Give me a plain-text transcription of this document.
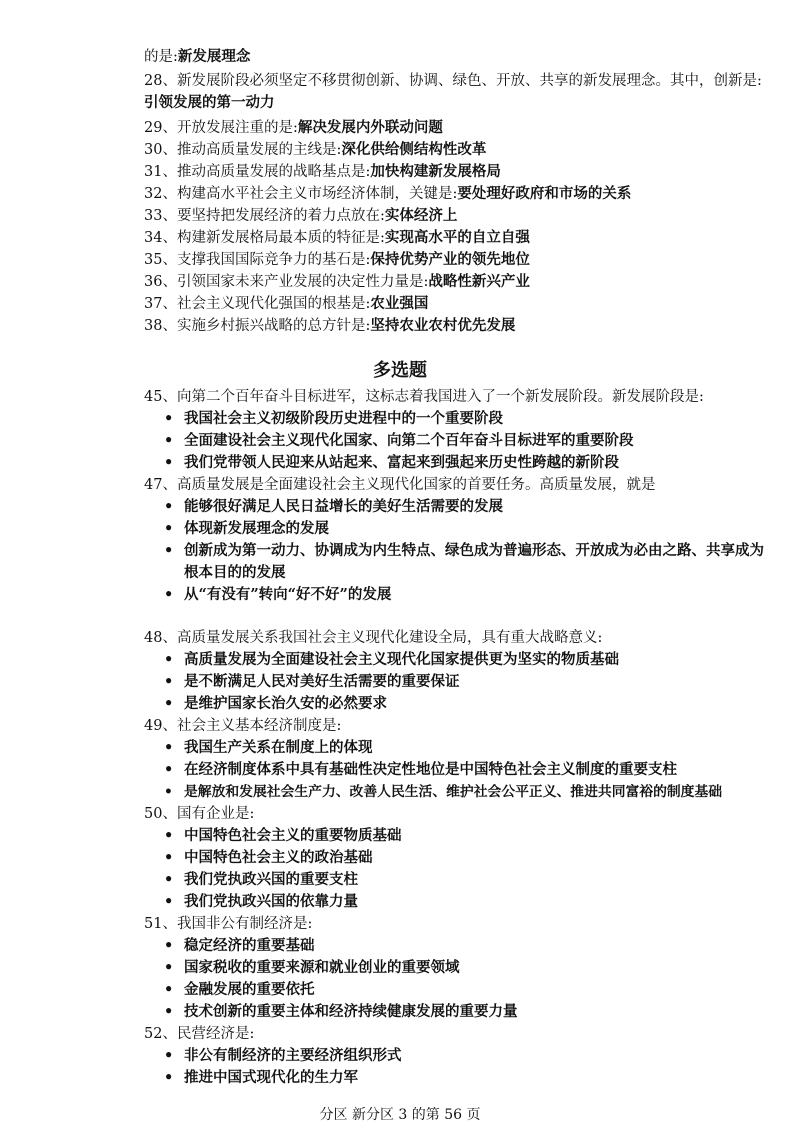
的是:新发展理念
28、新发展阶段必须坚定不移贯彻创新、协调、绿色、开放、共享的新发展理念。其中，创新是:引领发展的第一动力
29、开放发展注重的是:解决发展内外联动问题
30、推动高质量发展的主线是:深化供给侧结构性改革
31、推动高质量发展的战略基点是:加快构建新发展格局
32、构建高水平社会主义市场经济体制，关键是:要处理好政府和市场的关系
33、要坚持把发展经济的着力点放在:实体经济上
34、构建新发展格局最本质的特征是:实现高水平的自立自强
35、支撑我国国际竞争力的基石是:保持优势产业的领先地位
36、引领国家未来产业发展的决定性力量是:战略性新兴产业
37、社会主义现代化强国的根基是:农业强国
38、实施乡村振兴战略的总方针是:坚持农业农村优先发展
多选题
45、向第二个百年奋斗目标进军，这标志着我国进入了一个新发展阶段。新发展阶段是:
• 我国社会主义初级阶段历史进程中的一个重要阶段
• 全面建设社会主义现代化国家、向第二个百年奋斗目标进军的重要阶段
• 我们党带领人民迎来从站起来、富起来到强起来历史性跨越的新阶段
47、高质量发展是全面建设社会主义现代化国家的首要任务。高质量发展，就是
• 能够很好满足人民日益增长的美好生活需要的发展
• 体现新发展理念的发展
• 创新成为第一动力、协调成为内生特点、绿色成为普遍形态、开放成为必由之路、共享成为根本目的的发展
• 从“有没有”转向“好不好”的发展
48、高质量发展关系我国社会主义现代化建设全局，具有重大战略意义:
• 高质量发展为全面建设社会主义现代化国家提供更为坚实的物质基础
• 是不断满足人民对美好生活需要的重要保证
• 是维护国家长治久安的必然要求
49、社会主义基本经济制度是:
• 我国生产关系在制度上的体现
• 在经济制度体系中具有基础性决定性地位是中国特色社会主义制度的重要支柱
• 是解放和发展社会生产力、改善人民生活、维护社会公平正义、推进共同富裕的制度基础
50、国有企业是:
• 中国特色社会主义的重要物质基础
• 中国特色社会主义的政治基础
• 我们党执政兴国的重要支柱
• 我们党执政兴国的依靠力量
51、我国非公有制经济是:
• 稳定经济的重要基础
• 国家税收的重要来源和就业创业的重要领域
• 金融发展的重要依托
• 技术创新的重要主体和经济持续健康发展的重要力量
52、民营经济是:
• 非公有制经济的主要经济组织形式
• 推进中国式现代化的生力军
分区 新分区 3 的第 56 页
